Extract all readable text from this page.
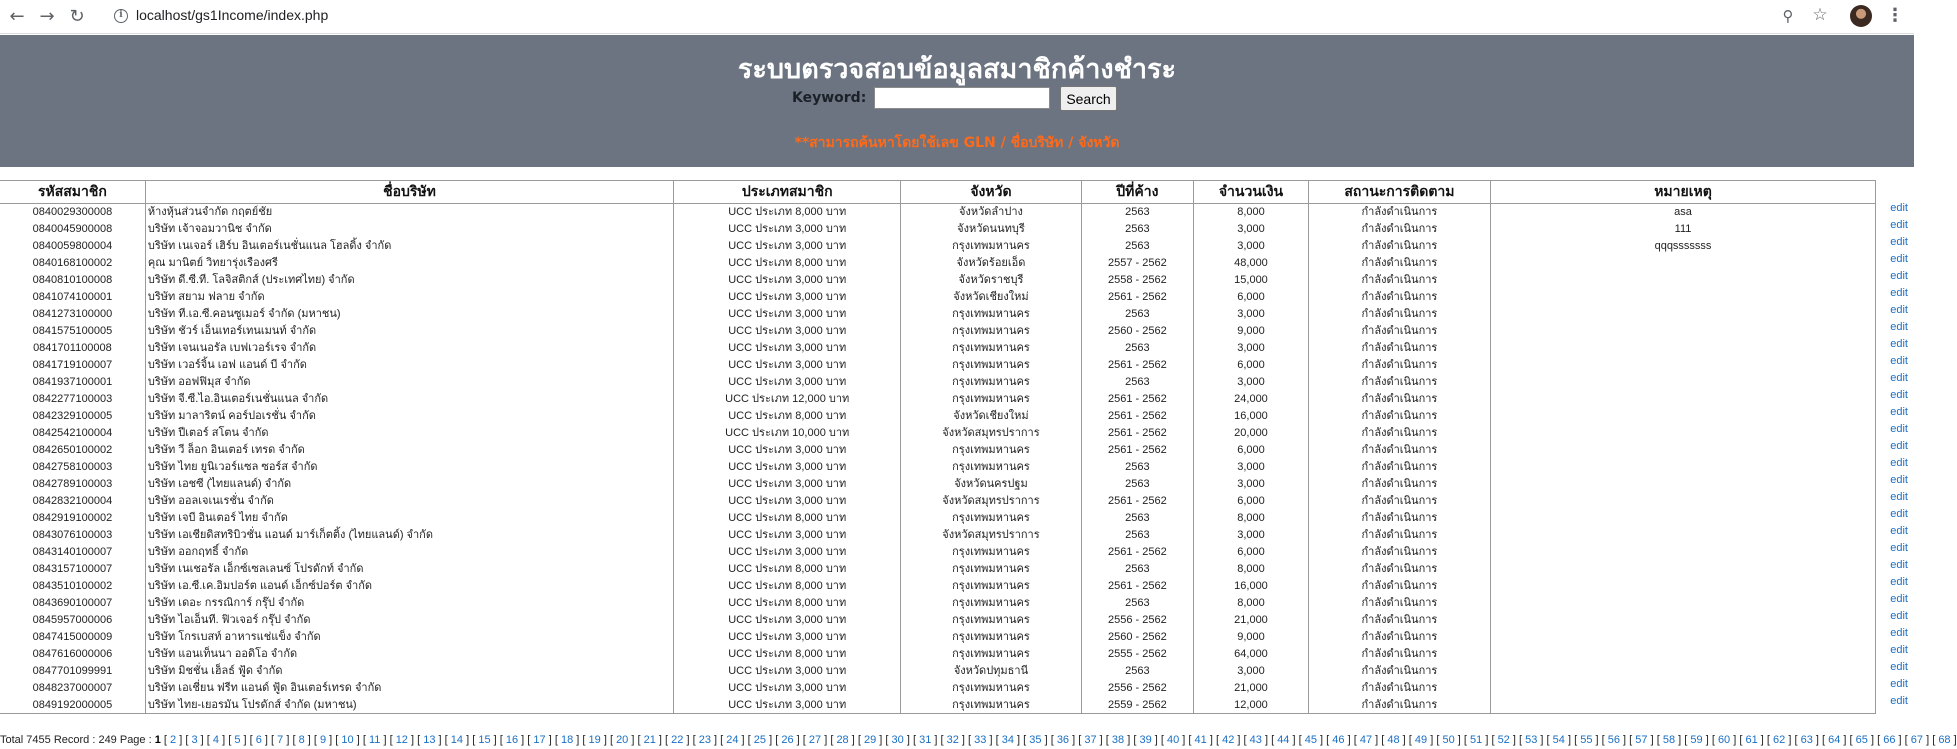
← → ↻	i localhost/gs1Income/index.php	⚲ ☆	⋮
ระบบตรวจสอบข้อมูลสมาชิกค้างชำระ
Keyword:	Search
**สามารถค้นหาโดยใช้เลข GLN / ชื่อบริษัท / จังหวัด
รหัสสมาชิก	ชื่อบริษัท	ประเภทสมาชิก	จังหวัด	ปีที่ค้าง	จำนวนเงิน	สถานะการติดตาม	หมายเหตุ
0840029300008	ห้างหุ้นส่วนจำกัด กฤตย์ชัย	UCC ประเภท 8,000 บาท	จังหวัดลำปาง	2563	8,000	กำลังดำเนินการ	asa
0840045900008	บริษัท เจ้าจอมวานิช จำกัด	UCC ประเภท 3,000 บาท	จังหวัดนนทบุรี	2563	3,000	กำลังดำเนินการ	111
0840059800004	บริษัท เนเจอร์ เฮิร์บ อินเตอร์เนชั่นแนล โฮลดิ้ง จำกัด	UCC ประเภท 3,000 บาท	กรุงเทพมหานคร	2563	3,000	กำลังดำเนินการ	qqqsssssss
0840168100002	คุณ มานิตย์ วิทยารุ่งเรืองศรี	UCC ประเภท 8,000 บาท	จังหวัดร้อยเอ็ด	2557 - 2562	48,000	กำลังดำเนินการ	
0840810100008	บริษัท ดี.ซี.ที. โลจิสติกส์ (ประเทศไทย) จำกัด	UCC ประเภท 3,000 บาท	จังหวัดราชบุรี	2558 - 2562	15,000	กำลังดำเนินการ	
0841074100001	บริษัท สยาม ฟลาย จำกัด	UCC ประเภท 3,000 บาท	จังหวัดเชียงใหม่	2561 - 2562	6,000	กำลังดำเนินการ	
0841273100000	บริษัท ที.เอ.ซี.คอนซูเมอร์ จำกัด (มหาชน)	UCC ประเภท 3,000 บาท	กรุงเทพมหานคร	2563	3,000	กำลังดำเนินการ	
0841575100005	บริษัท ชัวร์ เอ็นเทอร์เทนเมนท์ จำกัด	UCC ประเภท 3,000 บาท	กรุงเทพมหานคร	2560 - 2562	9,000	กำลังดำเนินการ	
0841701100008	บริษัท เจนเนอรัล เบฟเวอร์เรจ จำกัด	UCC ประเภท 3,000 บาท	กรุงเทพมหานคร	2563	3,000	กำลังดำเนินการ	
0841719100007	บริษัท เวอร์จิ้น เอฟ แอนด์ บี จำกัด	UCC ประเภท 3,000 บาท	กรุงเทพมหานคร	2561 - 2562	6,000	กำลังดำเนินการ	
0841937100001	บริษัท ออฟฟิมุส จำกัด	UCC ประเภท 3,000 บาท	กรุงเทพมหานคร	2563	3,000	กำลังดำเนินการ	
0842277100003	บริษัท จี.ซี.ไอ.อินเตอร์เนชั่นแนล จำกัด	UCC ประเภท 12,000 บาท	กรุงเทพมหานคร	2561 - 2562	24,000	กำลังดำเนินการ	
0842329100005	บริษัท มาลาริตน์ คอร์ปอเรชั่น จำกัด	UCC ประเภท 8,000 บาท	จังหวัดเชียงใหม่	2561 - 2562	16,000	กำลังดำเนินการ	
0842542100004	บริษัท ปีเตอร์ สโตน จำกัด	UCC ประเภท 10,000 บาท	จังหวัดสมุทรปราการ	2561 - 2562	20,000	กำลังดำเนินการ	
0842650100002	บริษัท วี ล็อก อินเตอร์ เทรด จำกัด	UCC ประเภท 3,000 บาท	กรุงเทพมหานคร	2561 - 2562	6,000	กำลังดำเนินการ	
0842758100003	บริษัท ไทย ยูนิเวอร์แซล ซอร์ส จำกัด	UCC ประเภท 3,000 บาท	กรุงเทพมหานคร	2563	3,000	กำลังดำเนินการ	
0842789100003	บริษัท เอชซี (ไทยแลนด์) จำกัด	UCC ประเภท 3,000 บาท	จังหวัดนครปฐม	2563	3,000	กำลังดำเนินการ	
0842832100004	บริษัท ออลเจเนเรชั่น จำกัด	UCC ประเภท 3,000 บาท	จังหวัดสมุทรปราการ	2561 - 2562	6,000	กำลังดำเนินการ	
0842919100002	บริษัท เจบี อินเตอร์ ไทย จำกัด	UCC ประเภท 8,000 บาท	กรุงเทพมหานคร	2563	8,000	กำลังดำเนินการ	
0843076100003	บริษัท เอเชียดิสทริบิวชั่น แอนด์ มาร์เก็ตติ้ง (ไทยแลนด์) จำกัด	UCC ประเภท 3,000 บาท	จังหวัดสมุทรปราการ	2563	3,000	กำลังดำเนินการ	
0843140100007	บริษัท ออกฤทธิ์ จำกัด	UCC ประเภท 3,000 บาท	กรุงเทพมหานคร	2561 - 2562	6,000	กำลังดำเนินการ	
0843157100007	บริษัท เนเชอรัล เอ็กซ์เซลเลนซ์ โปรดักท์ จำกัด	UCC ประเภท 8,000 บาท	กรุงเทพมหานคร	2563	8,000	กำลังดำเนินการ	
0843510100002	บริษัท เอ.ซี.เค.อิมปอร์ต แอนด์ เอ็กซ์ปอร์ต จำกัด	UCC ประเภท 8,000 บาท	กรุงเทพมหานคร	2561 - 2562	16,000	กำลังดำเนินการ	
0843690100007	บริษัท เดอะ กรรณิการ์ กรุ๊ป จำกัด	UCC ประเภท 8,000 บาท	กรุงเทพมหานคร	2563	8,000	กำลังดำเนินการ	
0845957000006	บริษัท ไอเอ็นที. ฟิวเจอร์ กรุ๊ป จำกัด	UCC ประเภท 3,000 บาท	กรุงเทพมหานคร	2556 - 2562	21,000	กำลังดำเนินการ	
0847415000009	บริษัท โกรเบสท์ อาหารแช่แข็ง จำกัด	UCC ประเภท 3,000 บาท	กรุงเทพมหานคร	2560 - 2562	9,000	กำลังดำเนินการ	
0847616000006	บริษัท แอนเท็นนา ออดิโอ จำกัด	UCC ประเภท 8,000 บาท	กรุงเทพมหานคร	2555 - 2562	64,000	กำลังดำเนินการ	
0847701099991	บริษัท มิชชั่น เฮ็ลธ์ ฟู้ด จำกัด	UCC ประเภท 3,000 บาท	จังหวัดปทุมธานี	2563	3,000	กำลังดำเนินการ	
0848237000007	บริษัท เอเชี่ยน ฟรีท แอนด์ ฟู้ด อินเตอร์เทรด จำกัด	UCC ประเภท 3,000 บาท	กรุงเทพมหานคร	2556 - 2562	21,000	กำลังดำเนินการ	
0849192000005	บริษัท ไทย-เยอรมัน โปรดักส์ จำกัด (มหาชน)	UCC ประเภท 3,000 บาท	กรุงเทพมหานคร	2559 - 2562	12,000	กำลังดำเนินการ	
edit
edit
edit
edit
edit
edit
edit
edit
edit
edit
edit
edit
edit
edit
edit
edit
edit
edit
edit
edit
edit
edit
edit
edit
edit
edit
edit
edit
edit
edit
Total 7455 Record : 249 Page : 1 [ 2 ] [ 3 ] [ 4 ] [ 5 ] [ 6 ] [ 7 ] [ 8 ] [ 9 ] [ 10 ] [ 11 ] [ 12 ] [ 13 ] [ 14 ] [ 15 ] [ 16 ] [ 17 ] [ 18 ] [ 19 ] [ 20 ] [ 21 ] [ 22 ] [ 23 ] [ 24 ] [ 25 ] [ 26 ] [ 27 ] [ 28 ] [ 29 ] [ 30 ] [ 31 ] [ 32 ] [ 33 ] [ 34 ] [ 35 ] [ 36 ] [ 37 ] [ 38 ] [ 39 ] [ 40 ] [ 41 ] [ 42 ] [ 43 ] [ 44 ] [ 45 ] [ 46 ] [ 47 ] [ 48 ] [ 49 ] [ 50 ] [ 51 ] [ 52 ] [ 53 ] [ 54 ] [ 55 ] [ 56 ] [ 57 ] [ 58 ] [ 59 ] [ 60 ] [ 61 ] [ 62 ] [ 63 ] [ 64 ] [ 65 ] [ 66 ] [ 67 ] [ 68 ]
